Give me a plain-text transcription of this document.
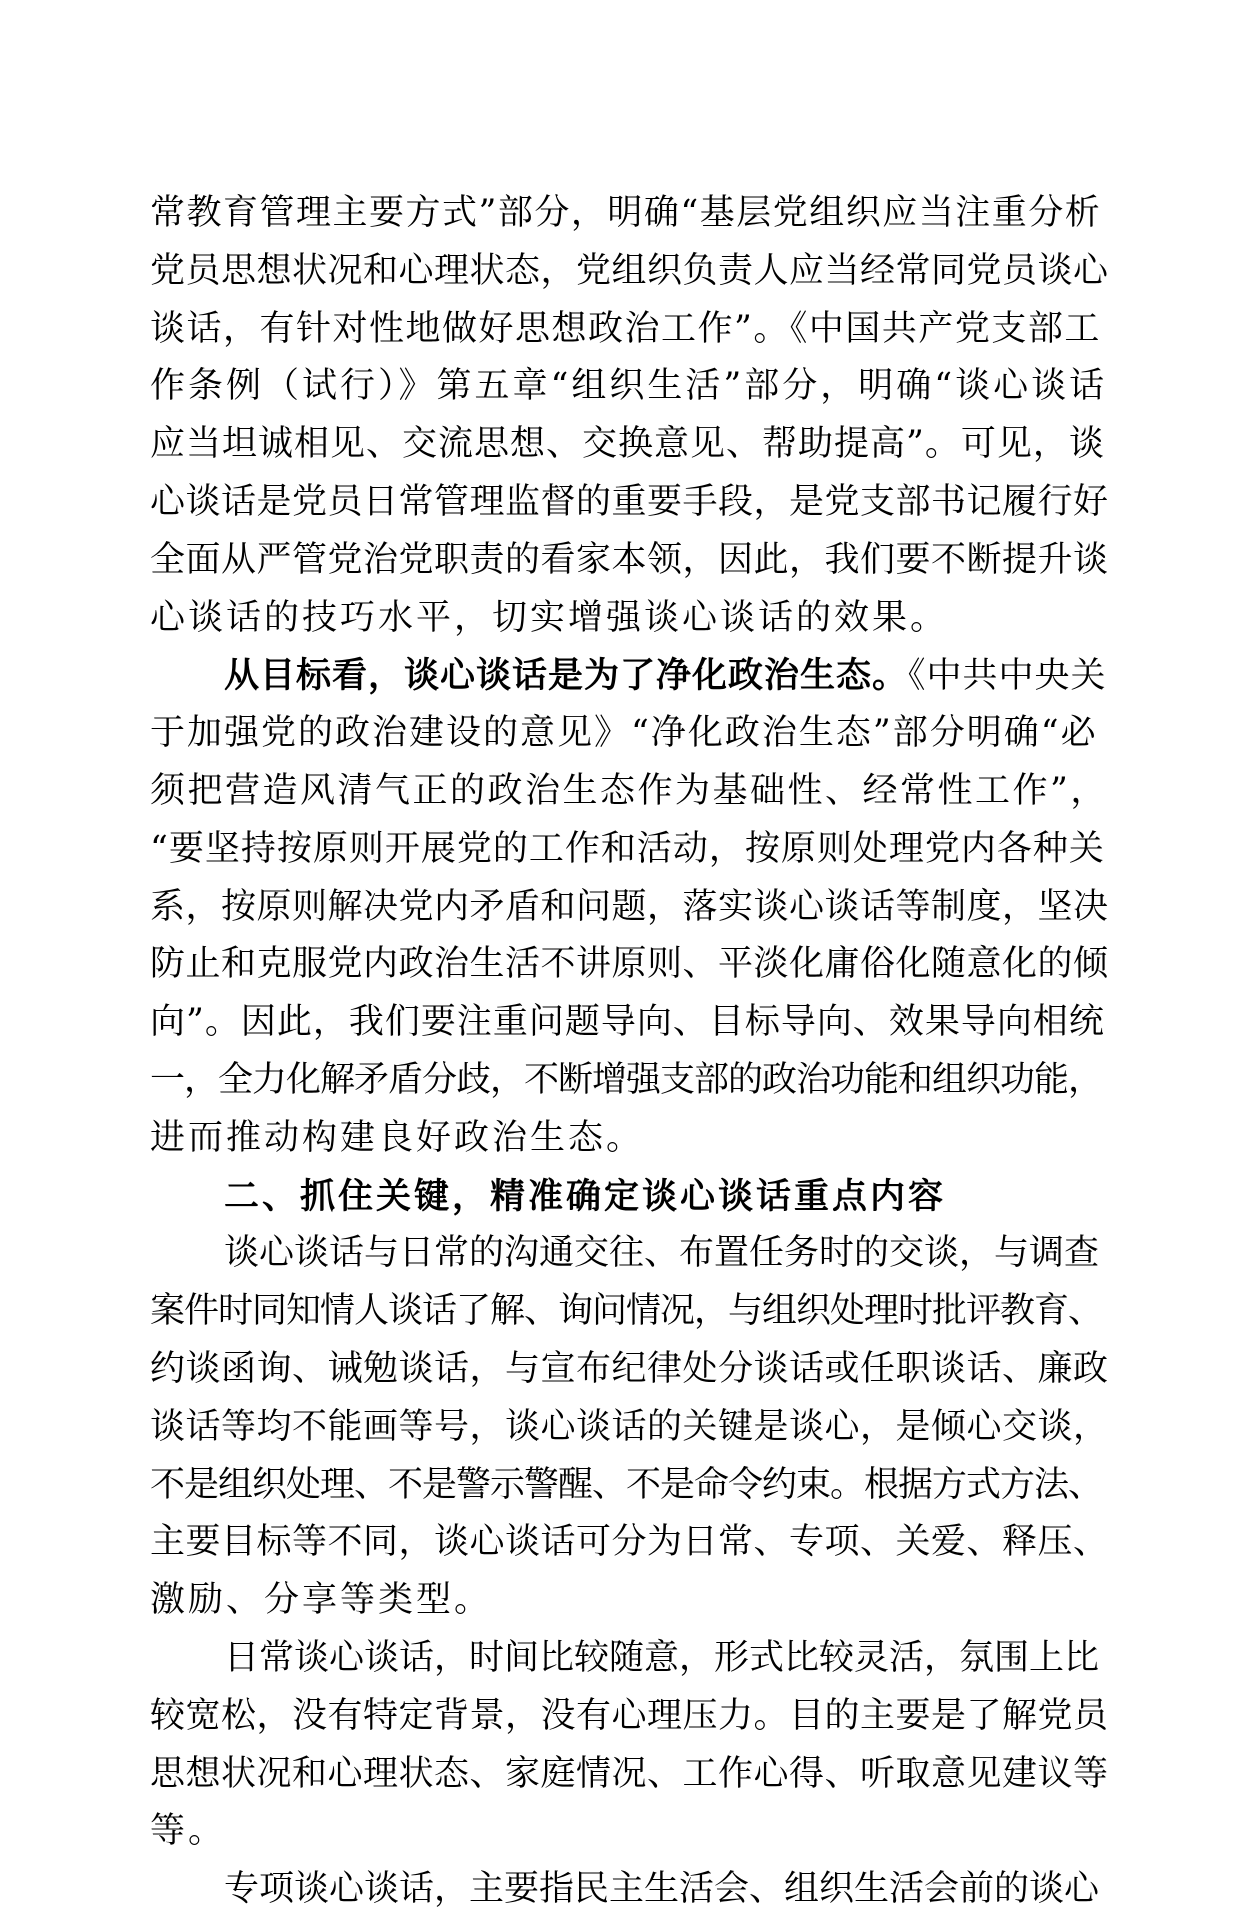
常教育管理主要方式”部分，明确“基层党组织应当注重分析
党员思想状况和心理状态，党组织负责人应当经常同党员谈心
谈话，有针对性地做好思想政治工作”。《中国共产党支部工
作条例（试行）》第五章“组织生活”部分，明确“谈心谈话
应当坦诚相见、交流思想、交换意见、帮助提高”。可见，谈
心谈话是党员日常管理监督的重要手段，是党支部书记履行好
全面从严管党治党职责的看家本领，因此，我们要不断提升谈
心谈话的技巧水平，切实增强谈心谈话的效果。
从目标看，谈心谈话是为了净化政治生态。《中共中央关
于加强党的政治建设的意见》“净化政治生态”部分明确“必
须把营造风清气正的政治生态作为基础性、经常性工作”，
“要坚持按原则开展党的工作和活动，按原则处理党内各种关
系，按原则解决党内矛盾和问题，落实谈心谈话等制度，坚决
防止和克服党内政治生活不讲原则、平淡化庸俗化随意化的倾
向”。因此，我们要注重问题导向、目标导向、效果导向相统
一，全力化解矛盾分歧，不断增强支部的政治功能和组织功能，
进而推动构建良好政治生态。
二、抓住关键，精准确定谈心谈话重点内容
谈心谈话与日常的沟通交往、布置任务时的交谈，与调查
案件时同知情人谈话了解、询问情况，与组织处理时批评教育、
约谈函询、诫勉谈话，与宣布纪律处分谈话或任职谈话、廉政
谈话等均不能画等号，谈心谈话的关键是谈心，是倾心交谈，
不是组织处理、不是警示警醒、不是命令约束。根据方式方法、
主要目标等不同，谈心谈话可分为日常、专项、关爱、释压、
激励、分享等类型。
日常谈心谈话，时间比较随意，形式比较灵活，氛围上比
较宽松，没有特定背景，没有心理压力。目的主要是了解党员
思想状况和心理状态、家庭情况、工作心得、听取意见建议等
等。
专项谈心谈话，主要指民主生活会、组织生活会前的谈心
